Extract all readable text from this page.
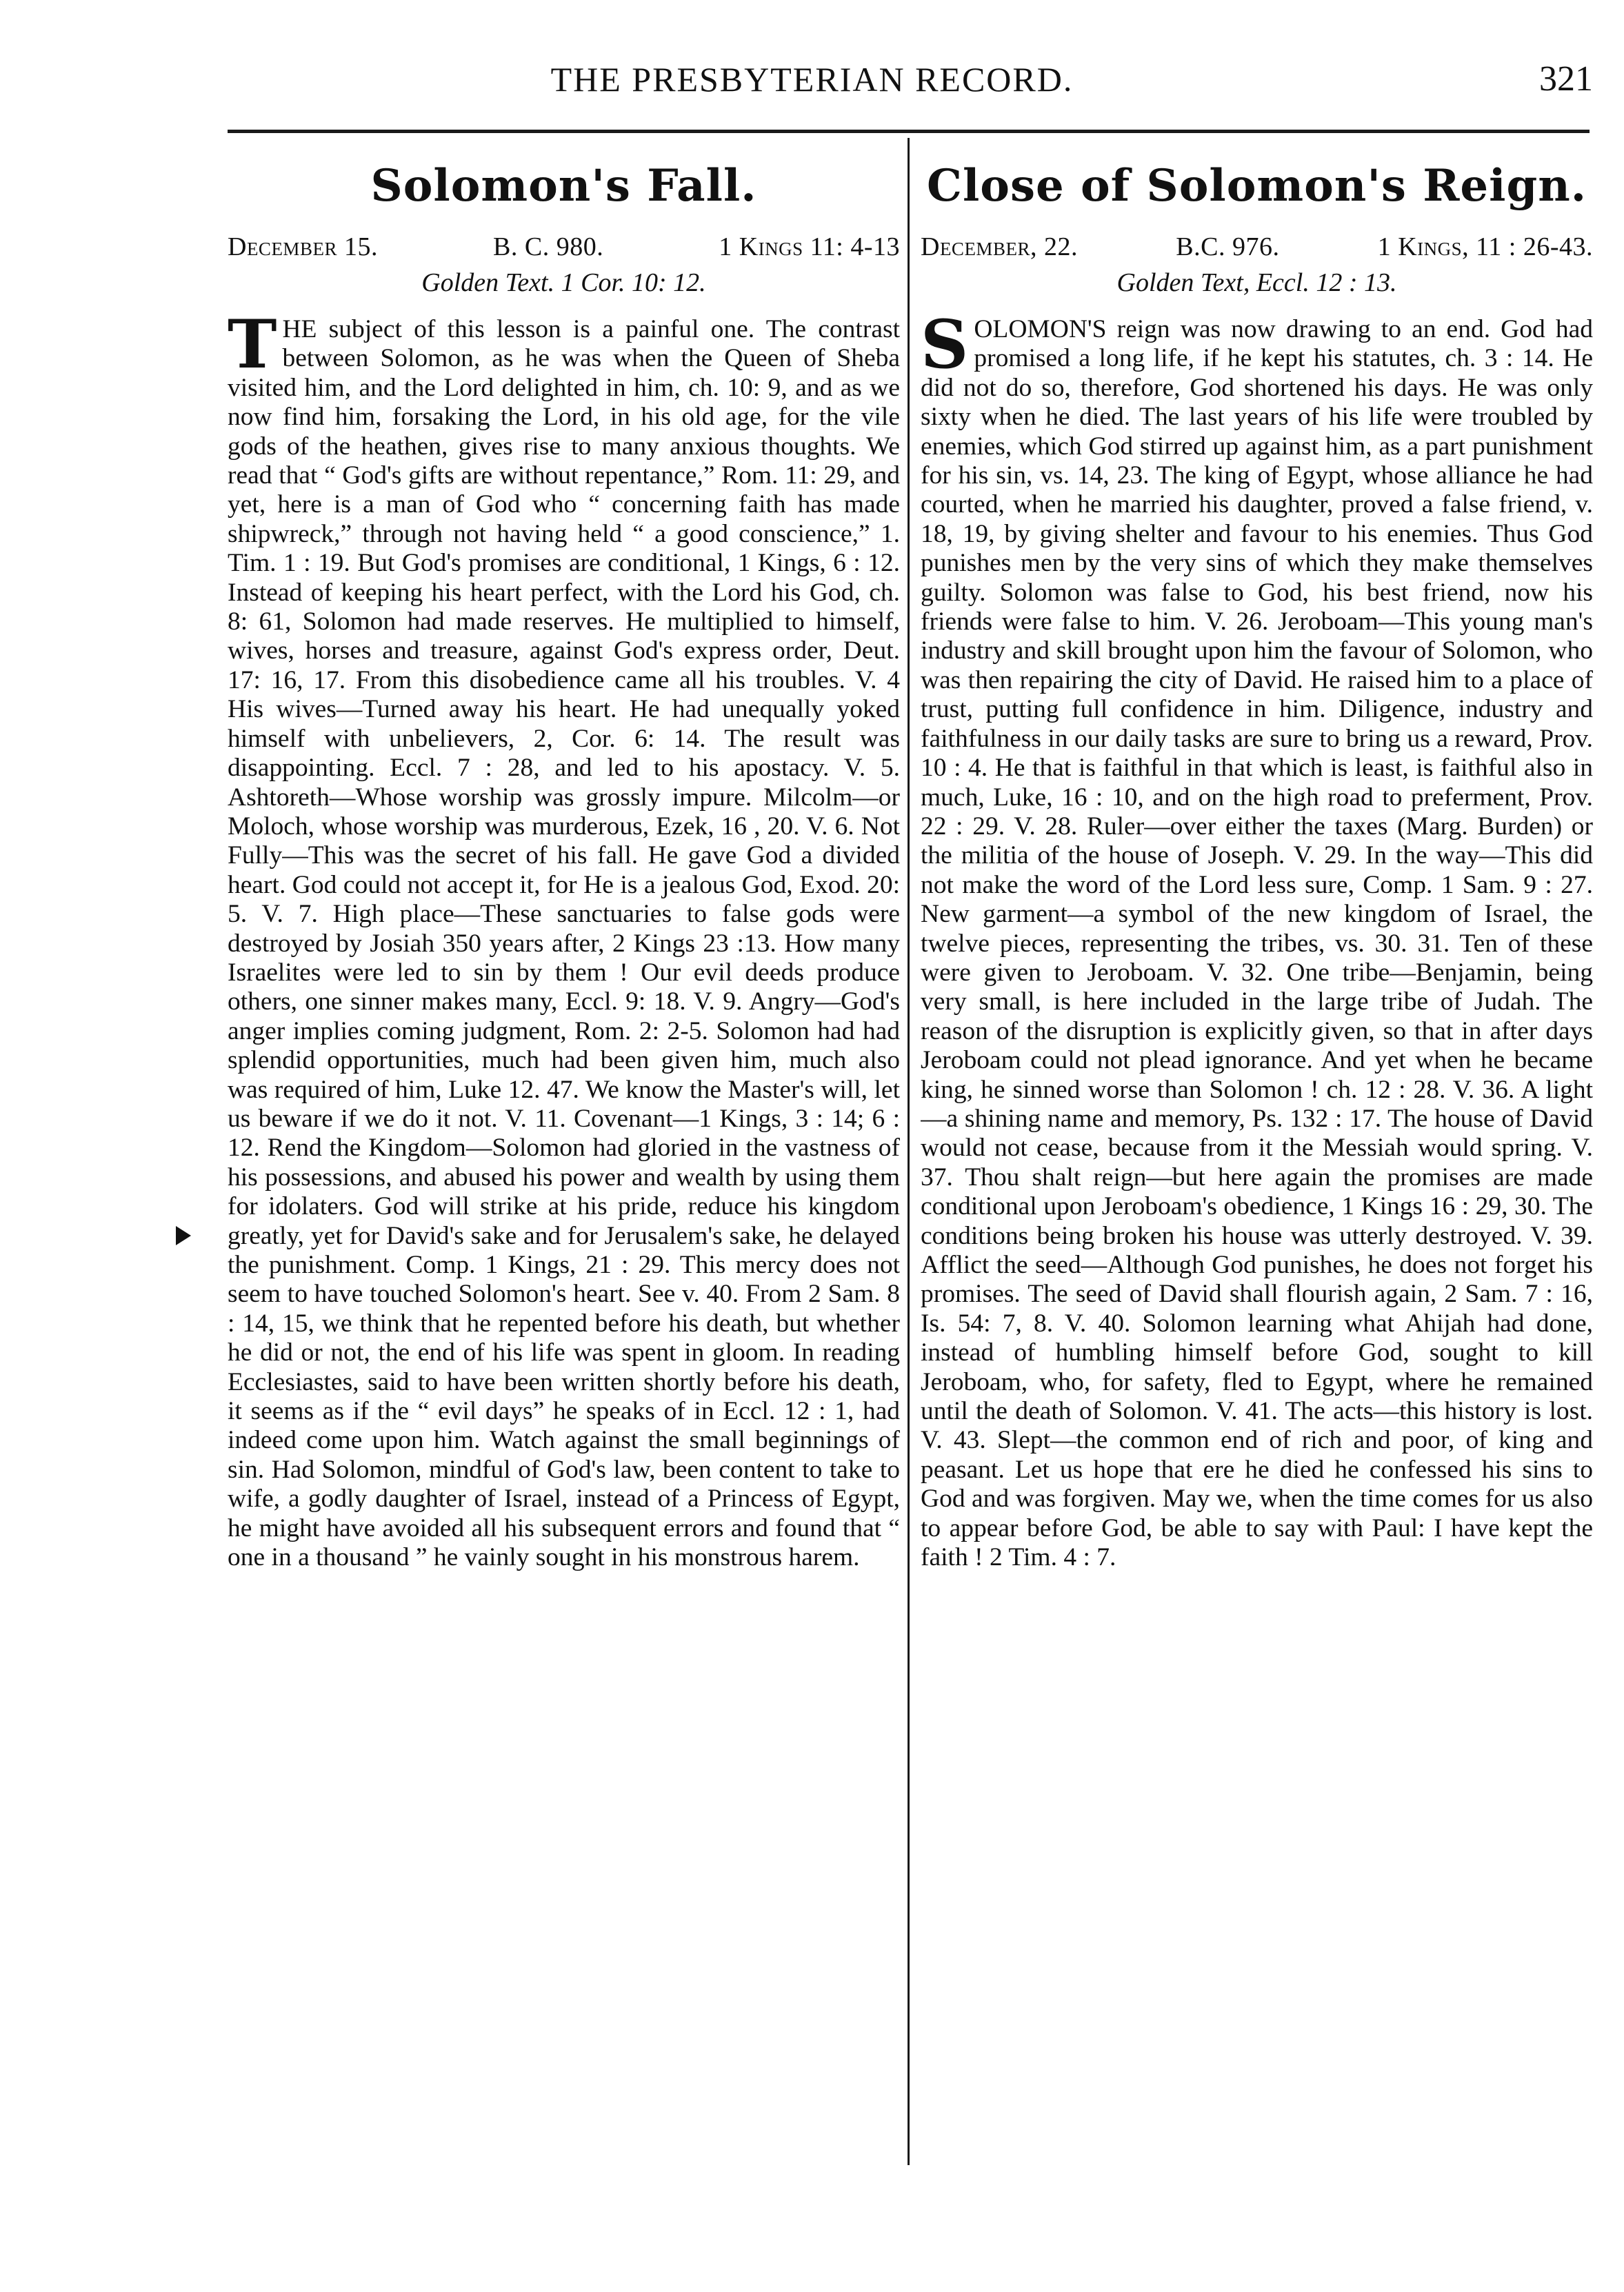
THE PRESBYTERIAN RECORD.	321
Solomon's Fall.
December 15.	B. C. 980.	1 Kings 11: 4-13
Golden Text. 1 Cor. 10: 12.
T HE subject of this lesson is a painful one. The contrast between Solomon, as he was when the Queen of Sheba visited him, and the Lord delighted in him, ch. 10: 9, and as we now find him, forsaking the Lord, in his old age, for the vile gods of the heathen, gives rise to many anxious thoughts. We read that “ God's gifts are without repentance,” Rom. 11: 29, and yet, here is a man of God who “ concerning faith has made shipwreck,” through not having held “ a good conscience,” 1. Tim. 1 : 19. But God's promises are conditional, 1 Kings, 6 : 12. Instead of keeping his heart perfect, with the Lord his God, ch. 8: 61, Solomon had made reserves. He multiplied to himself, wives, horses and treasure, against God's express order, Deut. 17: 16, 17. From this disobedience came all his troubles. V. 4 His wives—Turned away his heart. He had unequally yoked himself with unbelievers, 2, Cor. 6: 14. The result was disappointing. Eccl. 7 : 28, and led to his apostacy. V. 5. Ashtoreth—Whose worship was grossly impure. Milcolm—or Moloch, whose worship was murderous, Ezek, 16 , 20. V. 6. Not Fully—This was the secret of his fall. He gave God a divided heart. God could not accept it, for He is a jealous God, Exod. 20: 5. V. 7. High place—These sanctuaries to false gods were destroyed by Josiah 350 years after, 2 Kings 23 :13. How many Israelites were led to sin by them ! Our evil deeds produce others, one sinner makes many, Eccl. 9: 18. V. 9. Angry—God's anger implies coming judgment, Rom. 2: 2-5. Solomon had had splendid opportunities, much had been given him, much also was required of him, Luke 12. 47. We know the Master's will, let us beware if we do it not. V. 11. Covenant—1 Kings, 3 : 14; 6 : 12. Rend the Kingdom—Solomon had gloried in the vastness of his possessions, and abused his power and wealth by using them for idolaters. God will strike at his pride, reduce his kingdom greatly, yet for David's sake and for Jerusalem's sake, he delayed the punishment. Comp. 1 Kings, 21 : 29. This mercy does not seem to have touched Solomon's heart. See v. 40. From 2 Sam. 8 : 14, 15, we think that he repented before his death, but whether he did or not, the end of his life was spent in gloom. In reading Ecclesiastes, said to have been written shortly before his death, it seems as if the “ evil days” he speaks of in Eccl. 12 : 1, had indeed come upon him. Watch against the small beginnings of sin. Had Solomon, mindful of God's law, been content to take to wife, a godly daughter of Israel, instead of a Princess of Egypt, he might have avoided all his subsequent errors and found that “ one in a thousand ” he vainly sought in his monstrous harem.
Close of Solomon's Reign.
December, 22.	B.C. 976.	1 Kings, 11 : 26-43.
Golden Text, Eccl. 12 : 13.
S OLOMON'S reign was now drawing to an end. God had promised a long life, if he kept his statutes, ch. 3 : 14. He did not do so, therefore, God shortened his days. He was only sixty when he died. The last years of his life were troubled by enemies, which God stirred up against him, as a part punishment for his sin, vs. 14, 23. The king of Egypt, whose alliance he had courted, when he married his daughter, proved a false friend, v. 18, 19, by giving shelter and favour to his enemies. Thus God punishes men by the very sins of which they make themselves guilty. Solomon was false to God, his best friend, now his friends were false to him. V. 26. Jeroboam—This young man's industry and skill brought upon him the favour of Solomon, who was then repairing the city of David. He raised him to a place of trust, putting full confidence in him. Diligence, industry and faithfulness in our daily tasks are sure to bring us a reward, Prov. 10 : 4. He that is faithful in that which is least, is faithful also in much, Luke, 16 : 10, and on the high road to preferment, Prov. 22 : 29. V. 28. Ruler—over either the taxes (Marg. Burden) or the militia of the house of Joseph. V. 29. In the way—This did not make the word of the Lord less sure, Comp. 1 Sam. 9 : 27. New garment—a symbol of the new kingdom of Israel, the twelve pieces, representing the tribes, vs. 30. 31. Ten of these were given to Jeroboam. V. 32. One tribe—Benjamin, being very small, is here included in the large tribe of Judah. The reason of the disruption is explicitly given, so that in after days Jeroboam could not plead ignorance. And yet when he became king, he sinned worse than Solomon ! ch. 12 : 28. V. 36. A light—a shining name and memory, Ps. 132 : 17. The house of David would not cease, because from it the Messiah would spring. V. 37. Thou shalt reign—but here again the promises are made conditional upon Jeroboam's obedience, 1 Kings 16 : 29, 30. The conditions being broken his house was utterly destroyed. V. 39. Afflict the seed—Although God punishes, he does not forget his promises. The seed of David shall flourish again, 2 Sam. 7 : 16, Is. 54: 7, 8. V. 40. Solomon learning what Ahijah had done, instead of humbling himself before God, sought to kill Jeroboam, who, for safety, fled to Egypt, where he remained until the death of Solomon. V. 41. The acts—this history is lost. V. 43. Slept—the common end of rich and poor, of king and peasant. Let us hope that ere he died he confessed his sins to God and was forgiven. May we, when the time comes for us also to appear before God, be able to say with Paul: I have kept the faith ! 2 Tim. 4 : 7.
